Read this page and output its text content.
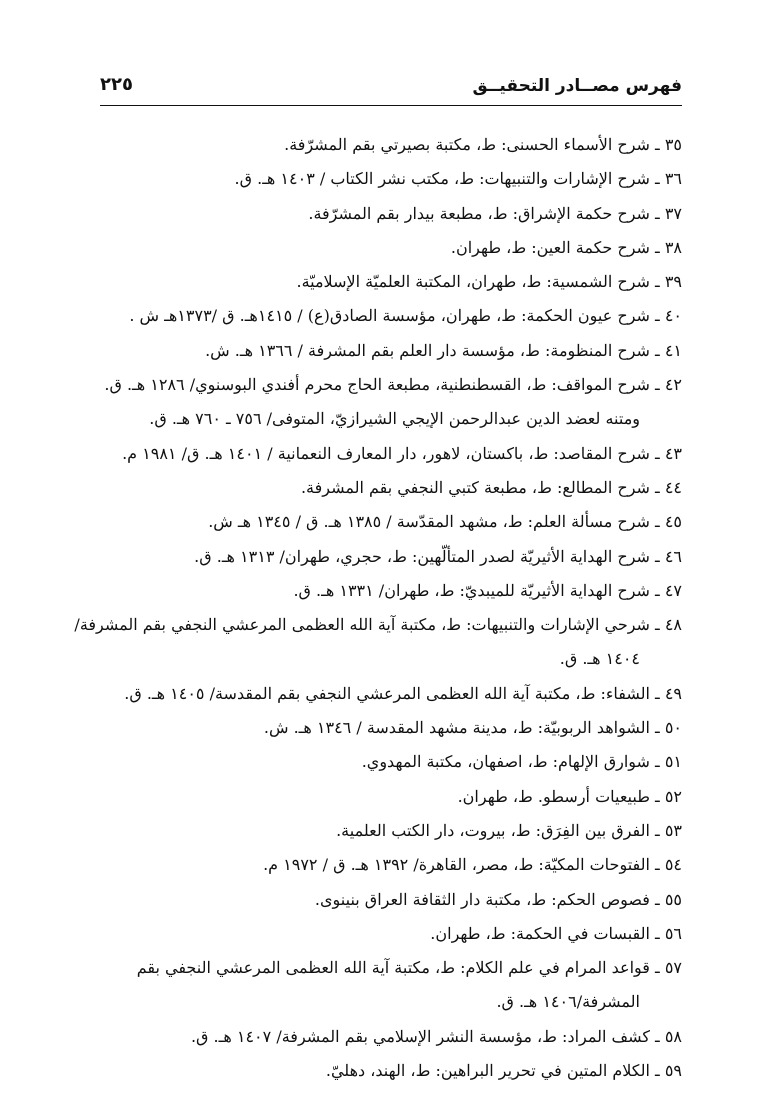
فهرس مصــادر التحقيــق
٢٢٥
٣٥ ـ شرح الأسماء الحسنى: ط، مكتبة بصيرتي بقم المشرّفة.
٣٦ ـ شرح الإشارات والتنبيهات: ط، مكتب نشر الكتاب / ١٤٠٣ هـ. ق.
٣٧ ـ شرح حكمة الإشراق: ط، مطبعة بيدار بقم المشرّفة.
٣٨ ـ شرح حكمة العين: ط، طهران.
٣٩ ـ شرح الشمسية: ط، طهران، المكتبة العلميّة الإسلاميّة.
٤٠ ـ شرح عيون الحكمة: ط، طهران، مؤسسة الصادق(ع) / ١٤١٥هـ. ق /١٣٧٣هـ ش .
٤١ ـ شرح المنظومة: ط، مؤسسة دار العلم بقم المشرفة / ١٣٦٦ هـ. ش.
٤٢ ـ شرح المواقف: ط، القسطنطنية، مطبعة الحاج محرم أفندي البوسنوي/ ١٢٨٦ هـ. ق.
ومتنه لعضد الدين عبدالرحمن الإيجي الشيرازيّ، المتوفى/ ٧٥٦ ـ ٧٦٠ هـ. ق.
٤٣ ـ شرح المقاصد: ط، باكستان، لاهور، دار المعارف النعمانية / ١٤٠١ هـ. ق/ ١٩٨١ م.
٤٤ ـ شرح المطالع: ط، مطبعة كتبي النجفي بقم المشرفة.
٤٥ ـ شرح مسألة العلم: ط، مشهد المقدّسة / ١٣٨٥ هـ. ق / ١٣٤٥ هـ ش.
٤٦ ـ شرح الهداية الأثيريّة لصدر المتألّهين: ط، حجري، طهران/ ١٣١٣ هـ. ق.
٤٧ ـ شرح الهداية الأثيريّة للميبديّ: ط، طهران/ ١٣٣١ هـ. ق.
٤٨ ـ شرحي الإشارات والتنبيهات: ط، مكتبة آية الله العظمى المرعشي النجفي بقم المشرفة/
١٤٠٤ هـ. ق.
٤٩ ـ الشفاء: ط، مكتبة آية الله العظمى المرعشي النجفي بقم المقدسة/ ١٤٠٥ هـ. ق.
٥٠ ـ الشواهد الربوبيّة: ط، مدينة مشهد المقدسة / ١٣٤٦ هـ. ش.
٥١ ـ شوارق الإلهام: ط، اصفهان، مكتبة المهدوي.
٥٢ ـ طبيعيات أرسطو. ط، طهران.
٥٣ ـ الفرق بين الفِرَق: ط، بيروت، دار الكتب العلمية.
٥٤ ـ الفتوحات المكيّة: ط، مصر، القاهرة/ ١٣٩٢ هـ. ق / ١٩٧٢ م.
٥٥ ـ فصوص الحكم: ط، مكتبة دار الثقافة العراق بنينوى.
٥٦ ـ القبسات في الحكمة: ط، طهران.
٥٧ ـ قواعد المرام في علم الكلام: ط، مكتبة آية الله العظمى المرعشي النجفي بقم
المشرفة/١٤٠٦ هـ. ق.
٥٨ ـ كشف المراد: ط، مؤسسة النشر الإسلامي بقم المشرفة/ ١٤٠٧ هـ. ق.
٥٩ ـ الكلام المتين في تحرير البراهين: ط، الهند، دهليّ.
